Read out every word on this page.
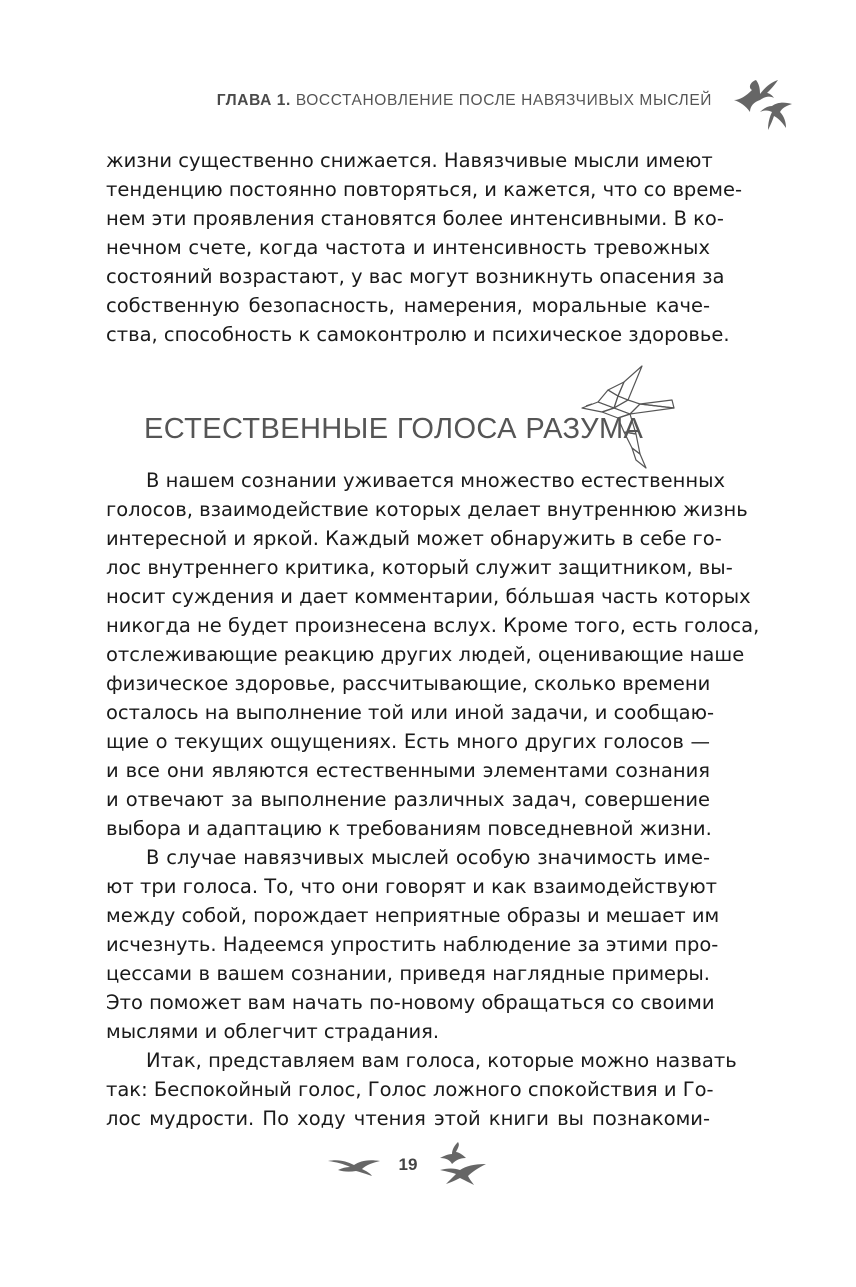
ГЛАВА 1. ВОССТАНОВЛЕНИЕ ПОСЛЕ НАВЯЗЧИВЫХ МЫСЛЕЙ
жизни существенно снижается. Навязчивые мысли имеют
тенденцию постоянно повторяться, и кажется, что со време-
нем эти проявления становятся более интенсивными. В ко-
нечном счете, когда частота и интенсивность тревожных
состояний возрастают, у вас могут возникнуть опасения за
собственную безопасность, намерения, моральные каче-
ства, способность к самоконтролю и психическое здоровье.
ЕСТЕСТВЕННЫЕ ГОЛОСА РАЗУМА
В нашем сознании уживается множество естественных
голосов, взаимодействие которых делает внутреннюю жизнь
интересной и яркой. Каждый может обнаружить в себе го-
лос внутреннего критика, который служит защитником, вы-
носит суждения и дает комментарии, бо́льшая часть которых
никогда не будет произнесена вслух. Кроме того, есть голоса,
отслеживающие реакцию других людей, оценивающие наше
физическое здоровье, рассчитывающие, сколько времени
осталось на выполнение той или иной задачи, и сообщаю-
щие о текущих ощущениях. Есть много других голосов —
и все они являются естественными элементами сознания
и отвечают за выполнение различных задач, совершение
выбора и адаптацию к требованиям повседневной жизни.
В случае навязчивых мыслей особую значимость име-
ют три голоса. То, что они говорят и как взаимодействуют
между собой, порождает неприятные образы и мешает им
исчезнуть. Надеемся упростить наблюдение за этими про-
цессами в вашем сознании, приведя наглядные примеры.
Это поможет вам начать по-новому обращаться со своими
мыслями и облегчит страдания.
Итак, представляем вам голоса, которые можно назвать
так: Беспокойный голос, Голос ложного спокойствия и Го-
лос мудрости. По ходу чтения этой книги вы познакоми-
19
